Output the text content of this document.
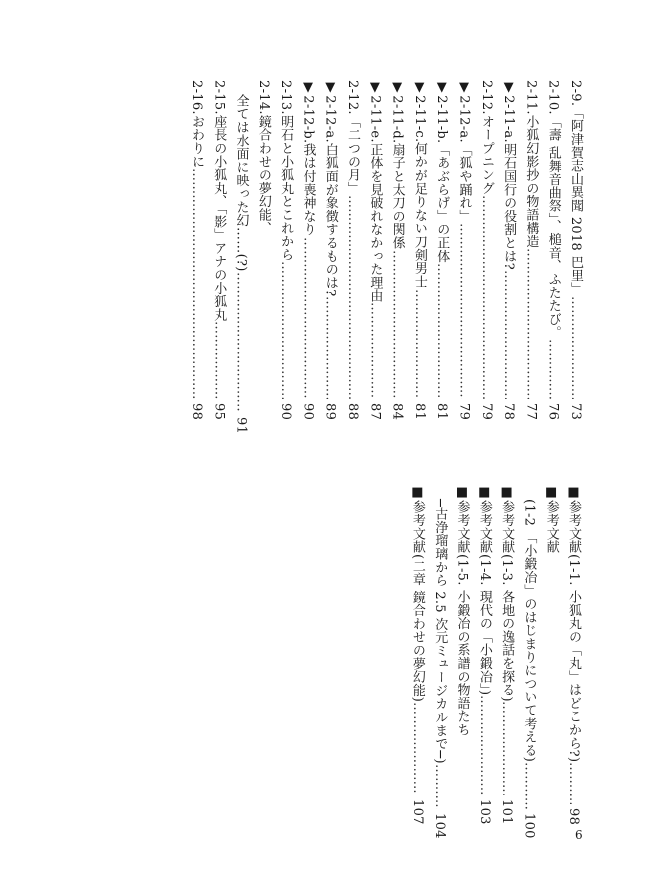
2-9.
「阿津賀志山異聞 2018 巴里」
……………………………………………………………………………………………………………………………………
73
2-10.
「壽 乱舞音曲祭」、槌音、ふたたび。
……………………………………………………………………………………………………………………………………
76
2-11.
小狐幻影抄の物語構造
……………………………………………………………………………………………………………………………………
77
▼2-11-a.
明石国行の役割とは?
……………………………………………………………………………………………………………………………………
78
2-12.
オープニング
……………………………………………………………………………………………………………………………………
79
▼2-12-a.
「狐や踊れ」
……………………………………………………………………………………………………………………………………
79
▼2-11-b.
「あぶらげ」の正体
……………………………………………………………………………………………………………………………………
81
▼2-11-c.
何かが足りない刀剣男士
……………………………………………………………………………………………………………………………………
81
▼2-11-d.
扇子と太刀の関係
……………………………………………………………………………………………………………………………………
84
▼2-11-e.
正体を見破れなかった理由
……………………………………………………………………………………………………………………………………
87
2-12.
「二つの月」
……………………………………………………………………………………………………………………………………
88
▼2-12-a.
白狐面が象徴するものは?
……………………………………………………………………………………………………………………………………
89
▼2-12-b.
我は付喪神なり
……………………………………………………………………………………………………………………………………
90
2-13.
明石と小狐丸とこれから
……………………………………………………………………………………………………………………………………
90
2-14.
鏡合わせの夢幻能、
全ては水面に映った幻……(?)
……………………………………………………………………………………………………………………………………
91
2-15.
座長の小狐丸、「影」アナの小狐丸
……………………………………………………………………………………………………………………………………
95
2-16.
おわりに
……………………………………………………………………………………………………………………………………
98
■参考文献
(1-1. 小狐丸の「丸」はどこから?)
……………………………………………………………………………………………………………………………………
98
■参考文献
(1-2 「小鍛冶」のはじまりについて考える)
……………………………………………………………………………………………………………………………………
100
■参考文献
(1-3. 各地の逸話を探る)
……………………………………………………………………………………………………………………………………
101
■参考文献
(1-4. 現代の「小鍛冶」)
……………………………………………………………………………………………………………………………………
103
■参考文献
(1-5. 小鍛冶の系譜の物語たち
─古浄瑠璃から 2.5 次元ミュージカルまで─)
……………………………………………………………………………………………………………………………………
104
■参考文献
(二章 鏡合わせの夢幻能)
……………………………………………………………………………………………………………………………………
107
6
